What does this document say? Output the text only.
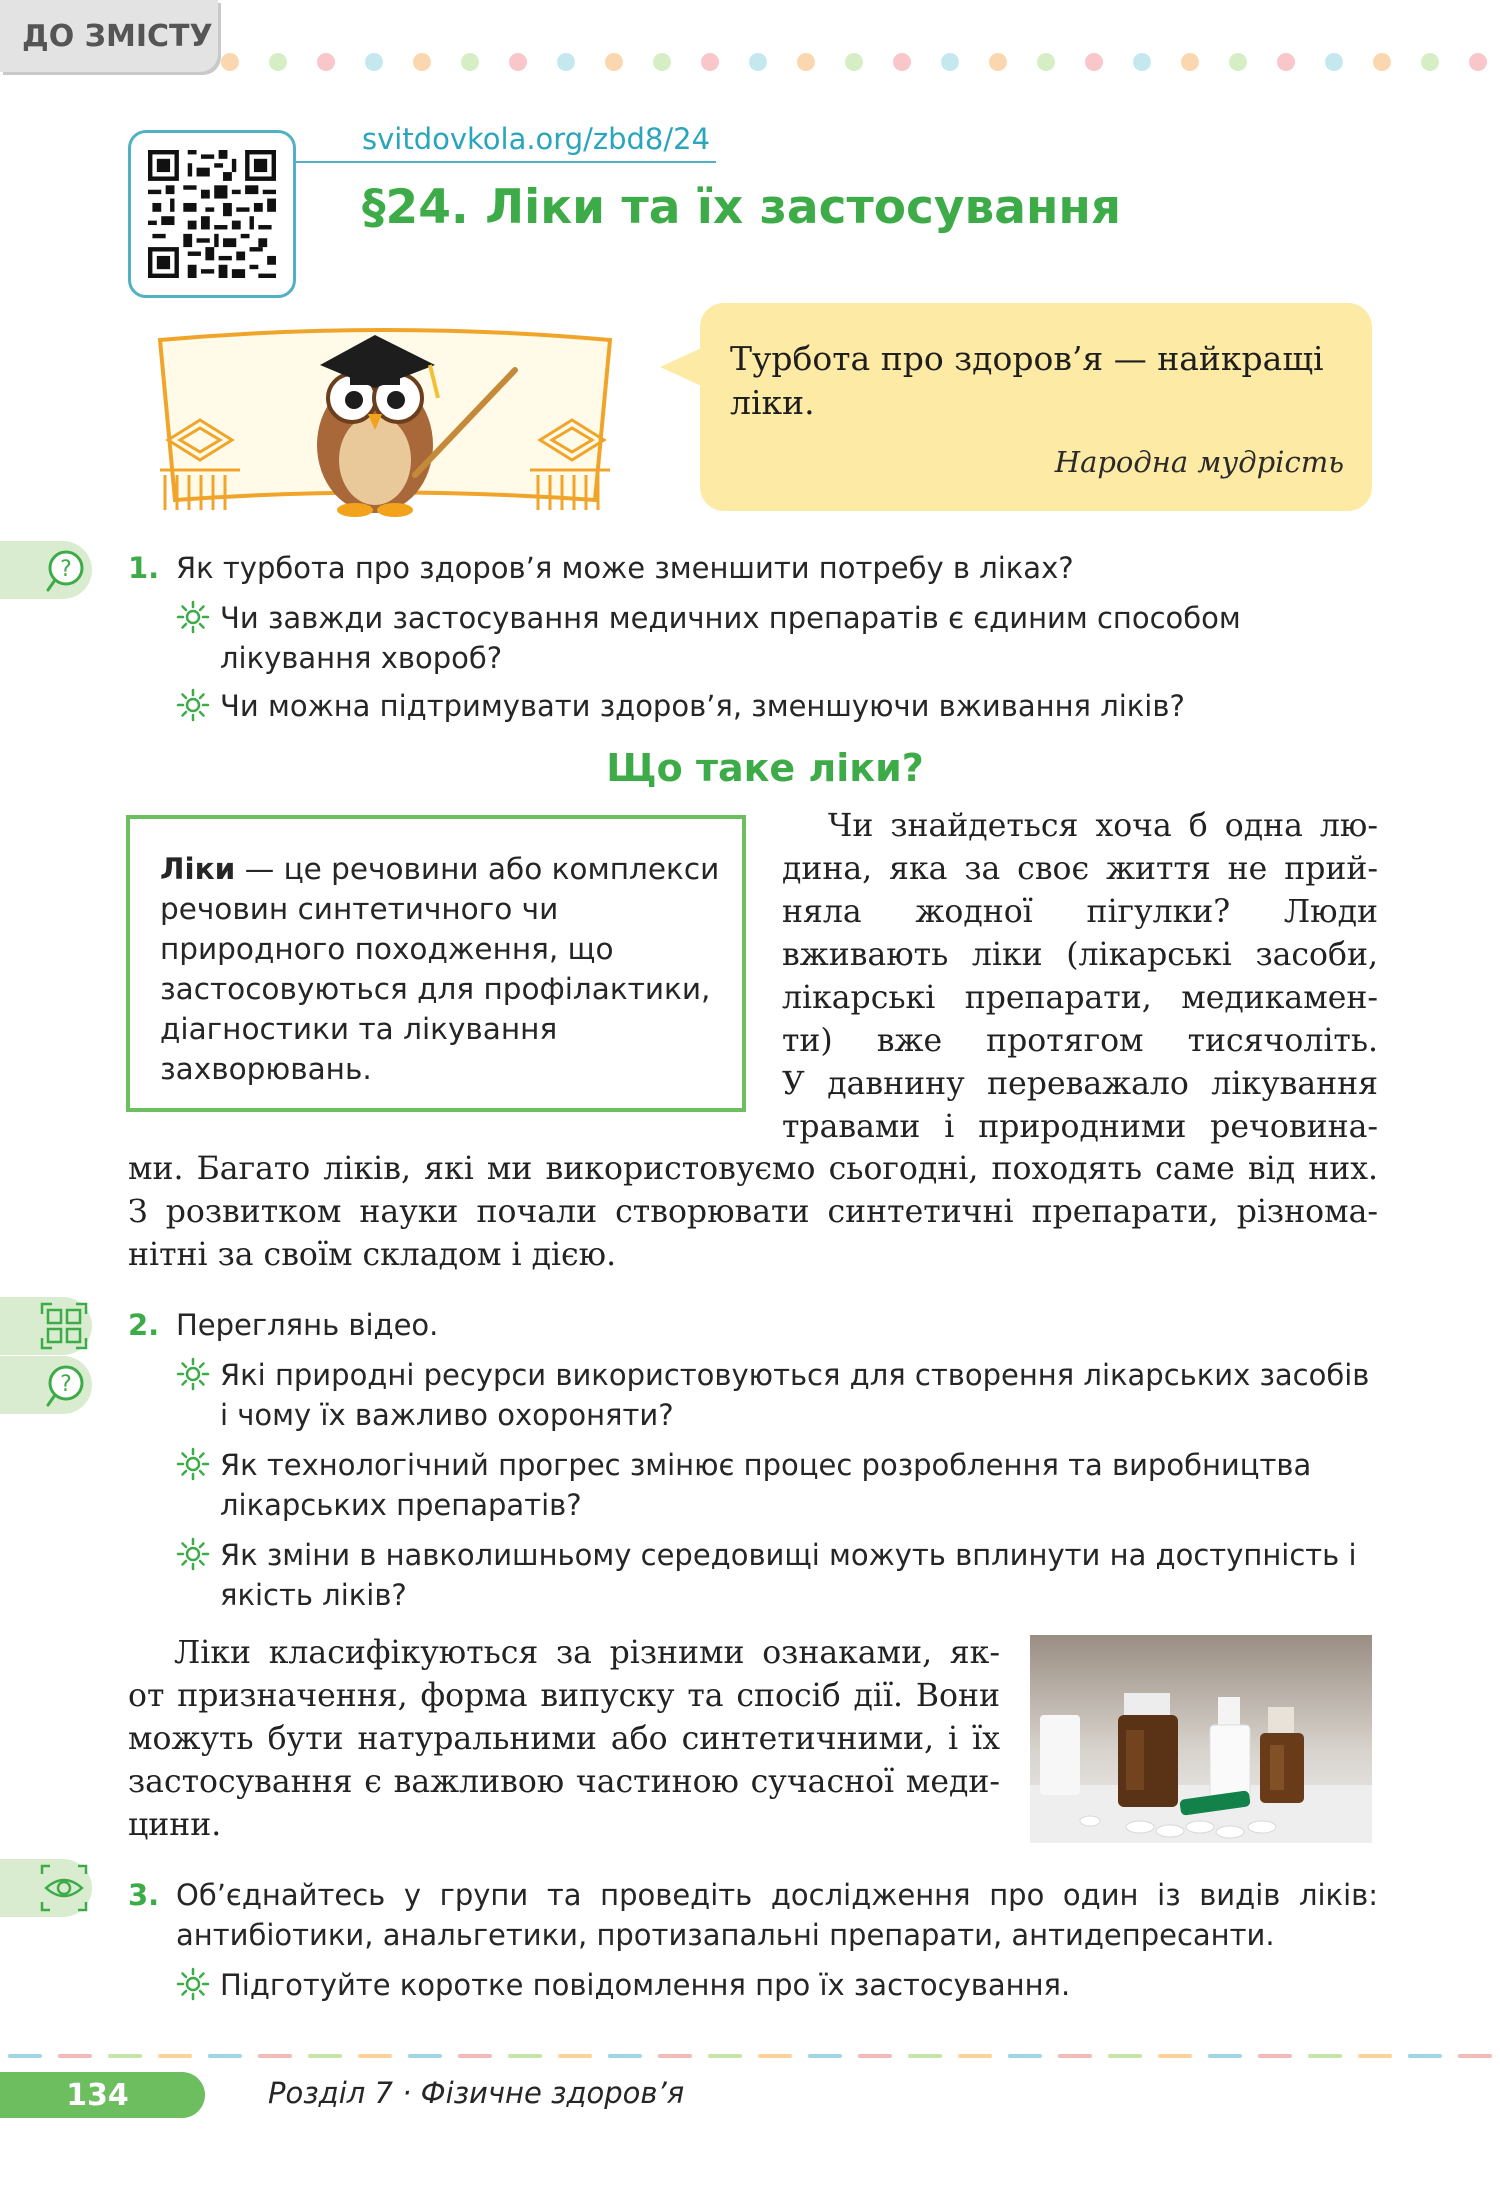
ДО ЗМІСТУ
svitdovkola.org/zbd8/24
§24. Ліки та їх застосування
Турбота про здоров’я — найкращі ліки.
Народна мудрість
? 1. Як турбота про здоров’я може зменшити потребу в ліках?
Чи завжди застосування медичних препаратів є єдиним способом лікування хвороб?
Чи можна підтримувати здоров’я, зменшуючи вживання ліків?
Що таке ліки?
Ліки — це речовини або комплекси речовин синтетичного чи природного походження, що застосовуються для профілактики, діагностики та лікування захворювань.
Чи знайдеться хоча б одна лю-
дина, яка за своє життя не прий-
няла жодної пігулки? Люди
вживають ліки (лікарські засоби,
лікарські препарати, медикамен-
ти) вже протягом тисячоліть.
У давнину переважало лікування
травами і природними речовина-
ми. Багато ліків, які ми використовуємо сьогодні, походять саме від них.
З розвитком науки почали створювати синтетичні препарати, різнома-
нітні за своїм складом і дією.
?
2. Переглянь відео.
Які природні ресурси використовуються для створення лікарських засобів і чому їх важливо охороняти?
Як технологічний прогрес змінює процес розроблення та виробництва лікарських препаратів?
Як зміни в навколишньому середовищі можуть вплинути на доступність і якість ліків?
Ліки класифікуються за різними ознаками, як-
от призначення, форма випуску та спосіб дії. Вони
можуть бути натуральними або синтетичними, і їх
застосування є важливою частиною сучасної меди-
цини.
3. Об’єднайтесь у групи та проведіть дослідження про один із видів ліків: антибіотики, анальгетики, протизапальні препарати, антидепресанти.
Підготуйте коротке повідомлення про їх застосування.
134	Розділ 7 · Фізичне здоров’я
